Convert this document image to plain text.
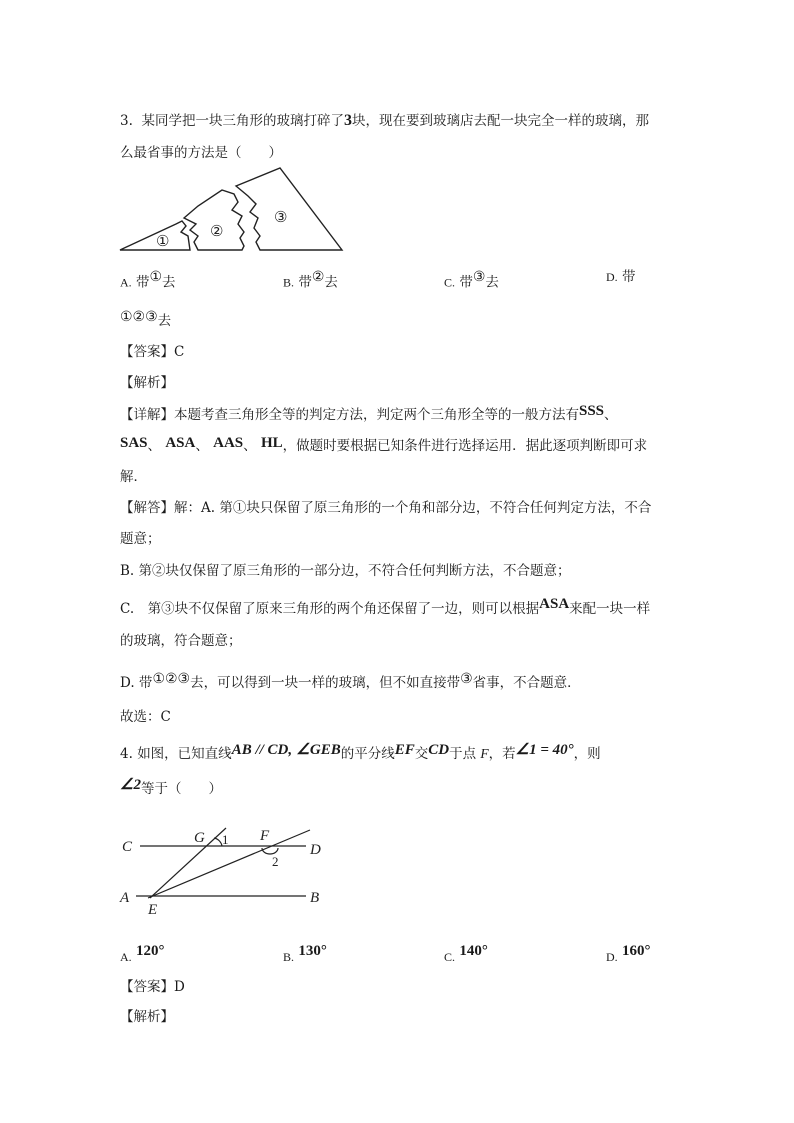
3. 某同学把一块三角形的玻璃打碎了3块，现在要到玻璃店去配一块完全一样的玻璃，那
么最省事的方法是（　　）
①
②
③
A. 带①去	B. 带②去	C. 带③去	D. 带
①②③去
【答案】C
【解析】
【详解】本题考查三角形全等的判定方法，判定两个三角形全等的一般方法有SSS、
SAS、 ASA、 AAS、 HL，做题时要根据已知条件进行选择运用．据此逐项判断即可求
解．
【解答】解：A. 第①块只保留了原三角形的一个角和部分边，不符合任何判定方法，不合
题意；
B. 第②块仅保留了原三角形的一部分边，不符合任何判断方法，不合题意；
C.　第③块不仅保留了原来三角形的两个角还保留了一边，则可以根据ASA来配一块一样
的玻璃，符合题意；
D. 带①②③去，可以得到一块一样的玻璃，但不如直接带③省事，不合题意．
故选：C
4. 如图，已知直线AB // CD, ∠GEB的平分线EF交CD于点 F，若∠1 = 40°，则
∠2等于（　　）
C
G 1 F
D
2
A
E
B
A. 120°	B. 130°	C. 140°	D. 160°
【答案】D
【解析】
